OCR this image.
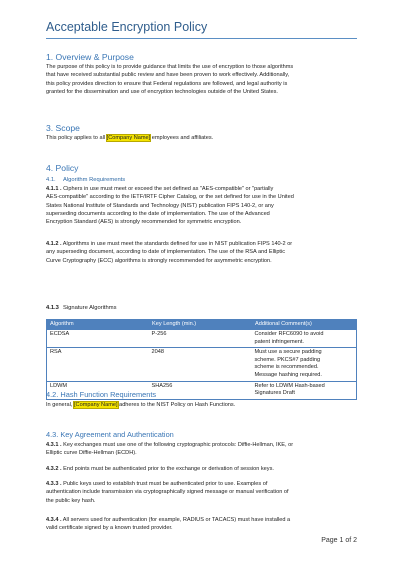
Acceptable Encryption Policy
1. Overview & Purpose
The purpose of this policy is to provide guidance that limits the use of encryption to those algorithms
that have received substantial public review and have been proven to work effectively. Additionally,
this policy provides direction to ensure that Federal regulations are followed, and legal authority is
granted for the dissemination and use of encryption technologies outside of the United States.
3. Scope
This policy applies to all [Company Name] employees and affiliates.
4. Policy
4.1. Algorithm Requirements
4.1.1 . Ciphers in use must meet or exceed the set defined as "AES-compatible" or "partially
AES-compatible" according to the IETF/IRTF Cipher Catalog, or the set defined for use in the United
States National Institute of Standards and Technology (NIST) publication FIPS 140-2, or any
superseding documents according to the date of implementation. The use of the Advanced
Encryption Standard (AES) is strongly recommended for symmetric encryption.
4.1.2 . Algorithms in use must meet the standards defined for use in NIST publication FIPS 140-2 or
any superseding document, according to date of implementation. The use of the RSA and Elliptic
Curve Cryptography (ECC) algorithms is strongly recommended for asymmetric encryption.
4.1.3 Signature Algorithms
Algorithm	Key Length (min.)	Additional Comment(s)
ECDSA	P-256	Consider RFC6090 to avoid
patent infringement.

RSA	2048	Must use a secure padding
scheme. PKCS#7 padding
scheme is recommended.
Message hashing required.

LDWM	SHA256	Refer to LDWM Hash-based
Signatures Draft
4.2. Hash Function Requirements
In general, [Company Name] adheres to the NIST Policy on Hash Functions.
4.3. Key Agreement and Authentication
4.3.1 . Key exchanges must use one of the following cryptographic protocols: Diffie-Hellman, IKE, or
Elliptic curve Diffie-Hellman (ECDH).
4.3.2 . End points must be authenticated prior to the exchange or derivation of session keys.
4.3.3 . Public keys used to establish trust must be authenticated prior to use. Examples of
authentication include transmission via cryptographically signed message or manual verification of
the public key hash.
4.3.4 . All servers used for authentication (for example, RADIUS or TACACS) must have installed a
valid certificate signed by a known trusted provider.
Page 1 of 2
